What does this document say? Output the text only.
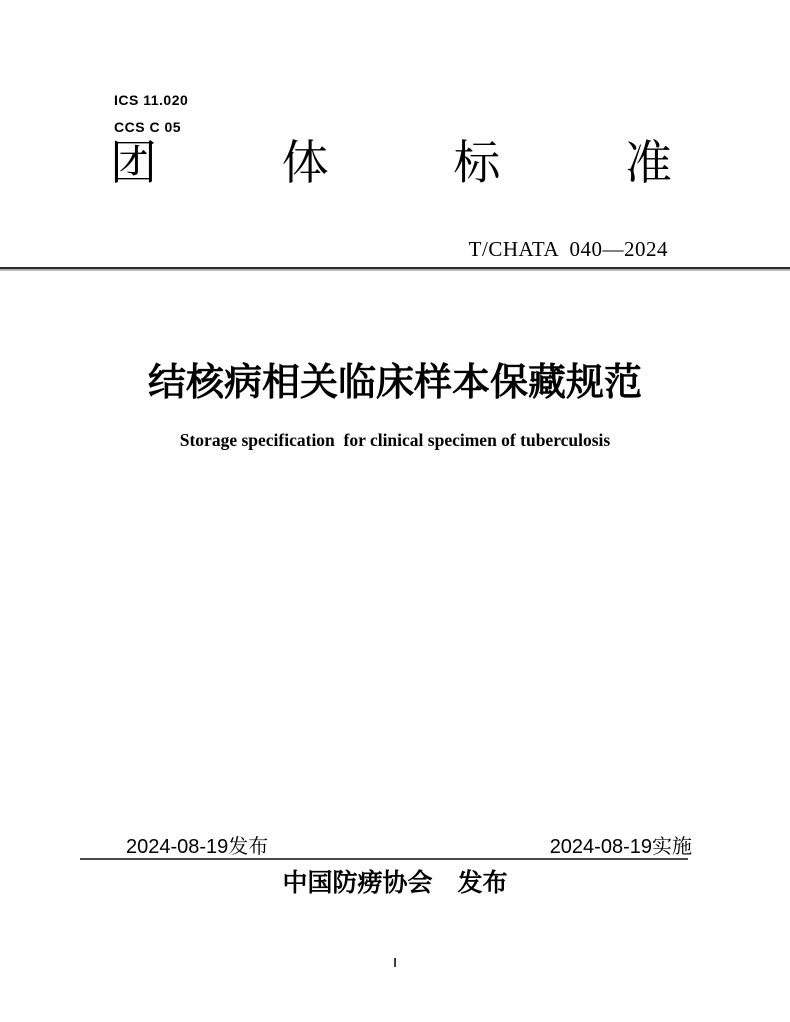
ICS 11.020
CCS C 05
团	体	标	准
T/CHATA  040—2024
结核病相关临床样本保藏规范
Storage specification  for clinical specimen of tuberculosis
2024-08-19发布	2024-08-19实施
中国防痨协会 发布
I
